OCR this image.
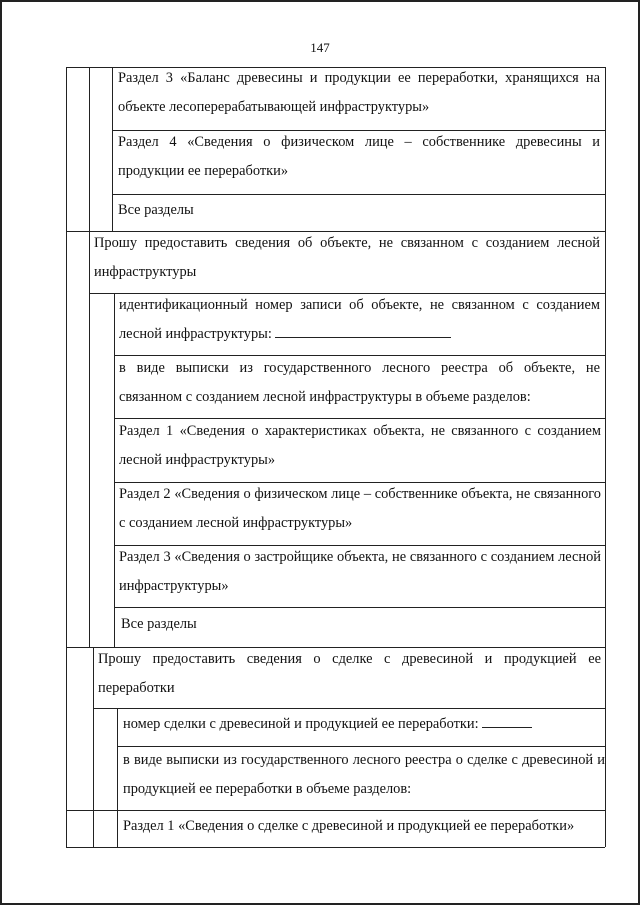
147
Раздел 3 «Баланс древесины и продукции ее переработки, хранящихся на объекте лесоперерабатывающей инфраструктуры»
Раздел 4 «Сведения о физическом лице – собственнике древесины и продукции ее переработки»
Все разделы
Прошу предоставить сведения об объекте, не связанном с созданием лесной инфраструктуры
идентификационный номер записи об объекте, не связанном с созданием лесной инфраструктуры:
в виде выписки из государственного лесного реестра об объекте, не связанном с созданием лесной инфраструктуры в объеме разделов:
Раздел 1 «Сведения о характеристиках объекта, не связанного с созданием лесной инфраструктуры»
Раздел 2 «Сведения о физическом лице – собственнике объекта, не связанного с созданием лесной инфраструктуры»
Раздел 3 «Сведения о застройщике объекта, не связанного с созданием лесной инфраструктуры»
Все разделы
Прошу предоставить сведения о сделке с древесиной и продукцией ее переработки
номер сделки с древесиной и продукцией ее переработки:
в виде выписки из государственного лесного реестра о сделке с древесиной и продукцией ее переработки в объеме разделов:
Раздел 1 «Сведения о сделке с древесиной и продукцией ее переработки»
